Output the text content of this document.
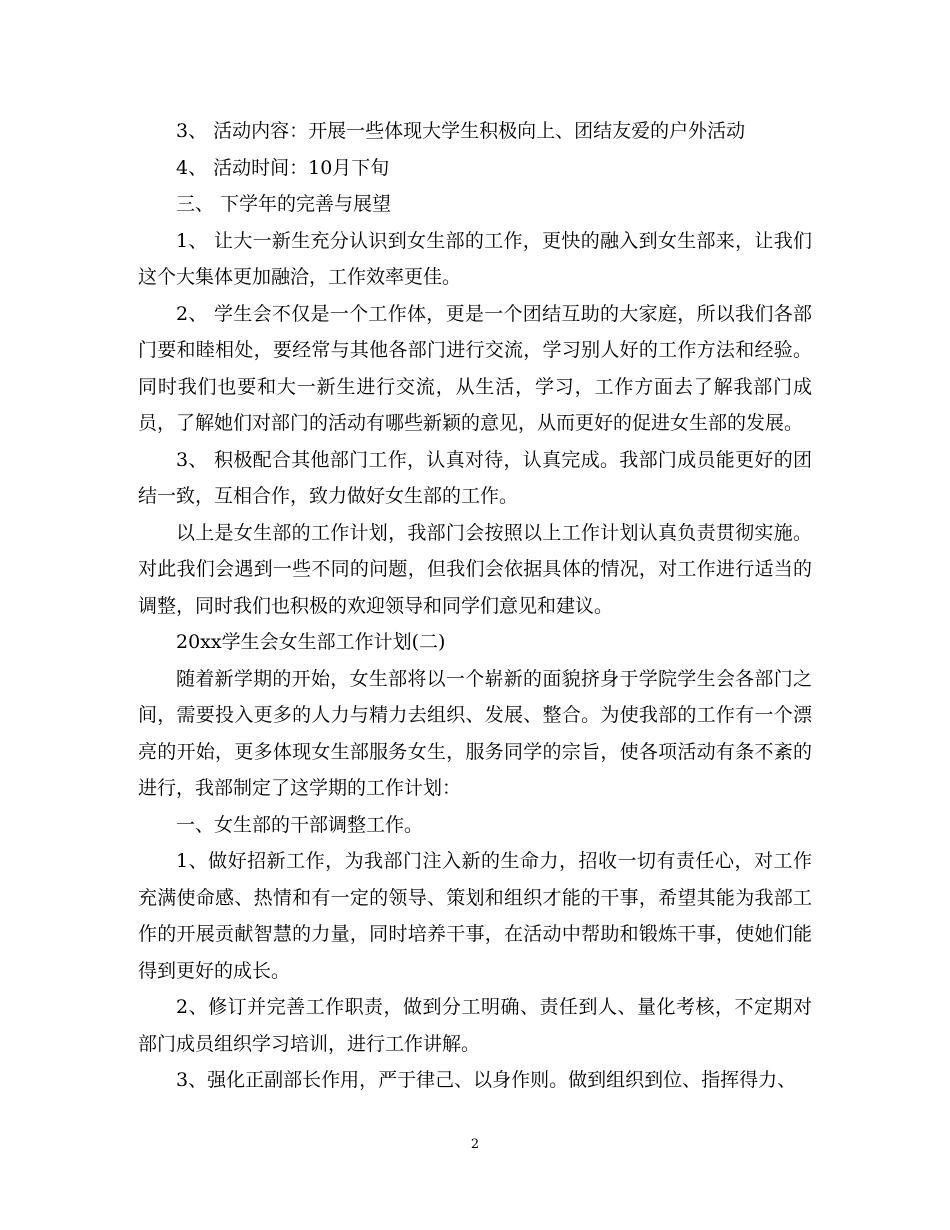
3、 活动内容：开展一些体现大学生积极向上、团结友爱的户外活动

4、 活动时间：10月下旬

三、 下学年的完善与展望

1、 让大一新生充分认识到女生部的工作，更快的融入到女生部来，让我们这个大集体更加融洽，工作效率更佳。

2、 学生会不仅是一个工作体，更是一个团结互助的大家庭，所以我们各部门要和睦相处，要经常与其他各部门进行交流，学习别人好的工作方法和经验。同时我们也要和大一新生进行交流，从生活，学习，工作方面去了解我部门成员，了解她们对部门的活动有哪些新颖的意见，从而更好的促进女生部的发展。

3、 积极配合其他部门工作，认真对待，认真完成。我部门成员能更好的团结一致，互相合作，致力做好女生部的工作。

以上是女生部的工作计划，我部门会按照以上工作计划认真负责贯彻实施。对此我们会遇到一些不同的问题，但我们会依据具体的情况，对工作进行适当的调整，同时我们也积极的欢迎领导和同学们意见和建议。

20xx学生会女生部工作计划(二)

随着新学期的开始，女生部将以一个崭新的面貌挤身于学院学生会各部门之间，需要投入更多的人力与精力去组织、发展、整合。为使我部的工作有一个漂亮的开始，更多体现女生部服务女生，服务同学的宗旨，使各项活动有条不紊的进行，我部制定了这学期的工作计划：

一、女生部的干部调整工作。

1、做好招新工作，为我部门注入新的生命力，招收一切有责任心，对工作充满使命感、热情和有一定的领导、策划和组织才能的干事，希望其能为我部工作的开展贡献智慧的力量，同时培养干事，在活动中帮助和锻炼干事，使她们能得到更好的成长。

2、修订并完善工作职责，做到分工明确、责任到人、量化考核，不定期对部门成员组织学习培训，进行工作讲解。

3、强化正副部长作用，严于律己、以身作则。做到组织到位、指挥得力、

2
